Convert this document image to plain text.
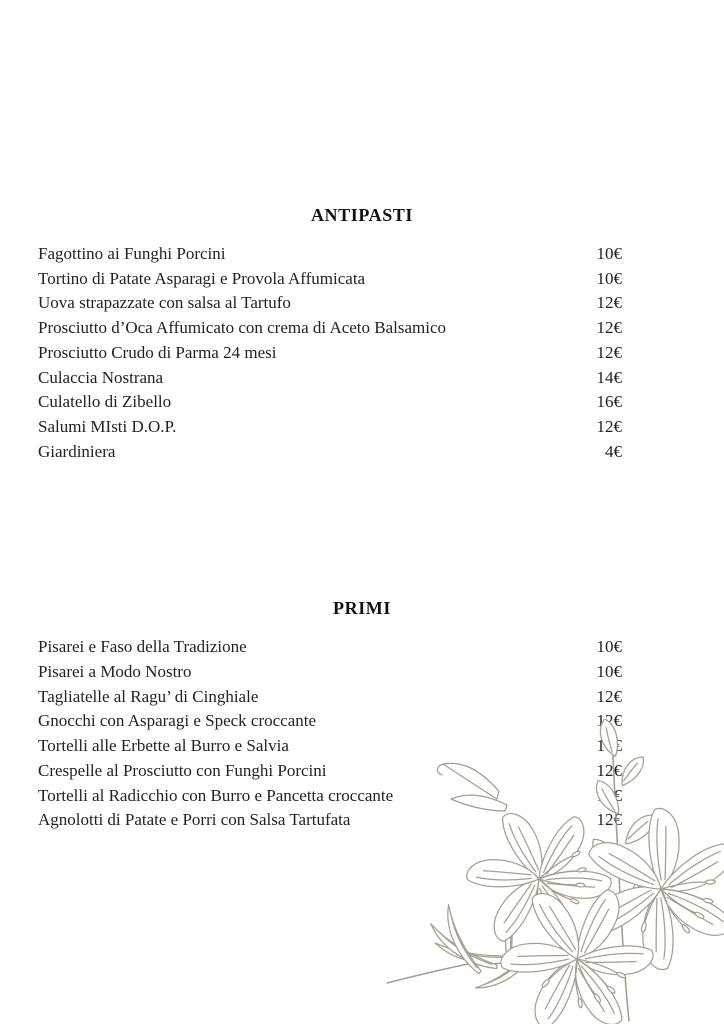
ANTIPASTI
Fagottino ai Funghi Porcini	10€
Tortino di Patate Asparagi e Provola Affumicata	10€
Uova strapazzate con salsa al Tartufo	12€
Prosciutto d’Oca Affumicato con crema di Aceto Balsamico	12€
Prosciutto Crudo di Parma 24 mesi	12€
Culaccia Nostrana	14€
Culatello di Zibello	16€
Salumi MIsti D.O.P.	12€
Giardiniera	4€
PRIMI
Pisarei e Faso della Tradizione	10€
Pisarei a Modo Nostro	10€
Tagliatelle al Ragu’ di Cinghiale	12€
Gnocchi con Asparagi e Speck croccante	12€
Tortelli alle Erbette al Burro e Salvia	10€
Crespelle al Prosciutto con Funghi Porcini	12€
Tortelli al Radicchio con Burro e Pancetta croccante	10€
Agnolotti di Patate e Porri con Salsa Tartufata	12€
